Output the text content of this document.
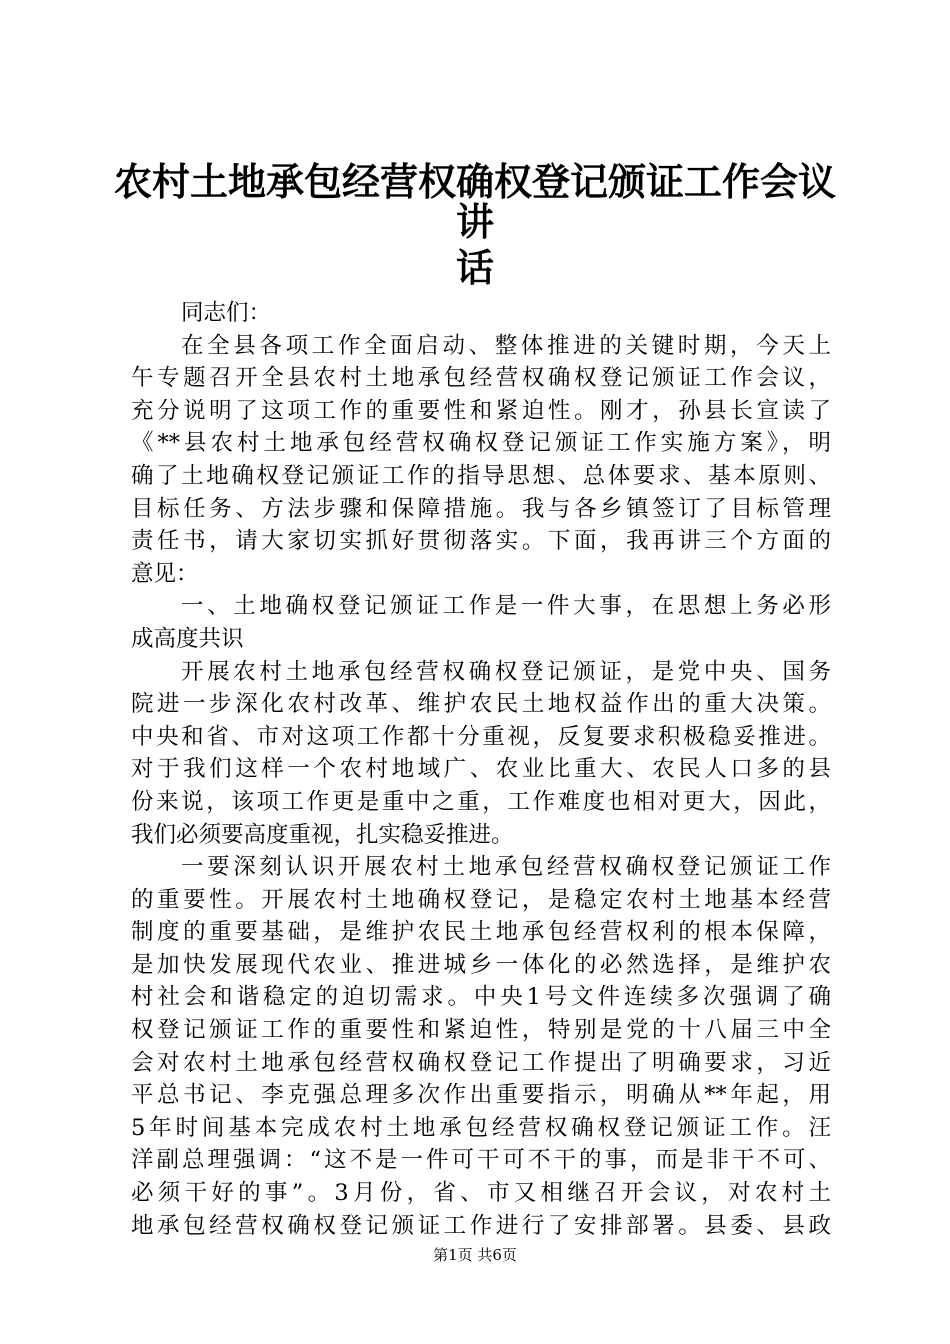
农村土地承包经营权确权登记颁证工作会议讲
话
同志们：
在全县各项工作全面启动、整体推进的关键时期，今天上
午专题召开全县农村土地承包经营权确权登记颁证工作会议，
充分说明了这项工作的重要性和紧迫性。刚才，孙县长宣读了
《**县农村土地承包经营权确权登记颁证工作实施方案》，明
确了土地确权登记颁证工作的指导思想、总体要求、基本原则、
目标任务、方法步骤和保障措施。我与各乡镇签订了目标管理
责任书，请大家切实抓好贯彻落实。下面，我再讲三个方面的
意见：
一、土地确权登记颁证工作是一件大事，在思想上务必形
成高度共识
开展农村土地承包经营权确权登记颁证，是党中央、国务
院进一步深化农村改革、维护农民土地权益作出的重大决策。
中央和省、市对这项工作都十分重视，反复要求积极稳妥推进。
对于我们这样一个农村地域广、农业比重大、农民人口多的县
份来说，该项工作更是重中之重，工作难度也相对更大，因此，
我们必须要高度重视，扎实稳妥推进。
一要深刻认识开展农村土地承包经营权确权登记颁证工作
的重要性。开展农村土地确权登记，是稳定农村土地基本经营
制度的重要基础，是维护农民土地承包经营权利的根本保障，
是加快发展现代农业、推进城乡一体化的必然选择，是维护农
村社会和谐稳定的迫切需求。中央1号文件连续多次强调了确
权登记颁证工作的重要性和紧迫性，特别是党的十八届三中全
会对农村土地承包经营权确权登记工作提出了明确要求，习近
平总书记、李克强总理多次作出重要指示，明确从**年起，用
5年时间基本完成农村土地承包经营权确权登记颁证工作。汪
洋副总理强调：“这不是一件可干可不干的事，而是非干不可、
必须干好的事”。3月份，省、市又相继召开会议，对农村土
地承包经营权确权登记颁证工作进行了安排部署。县委、县政
第1页 共6页
